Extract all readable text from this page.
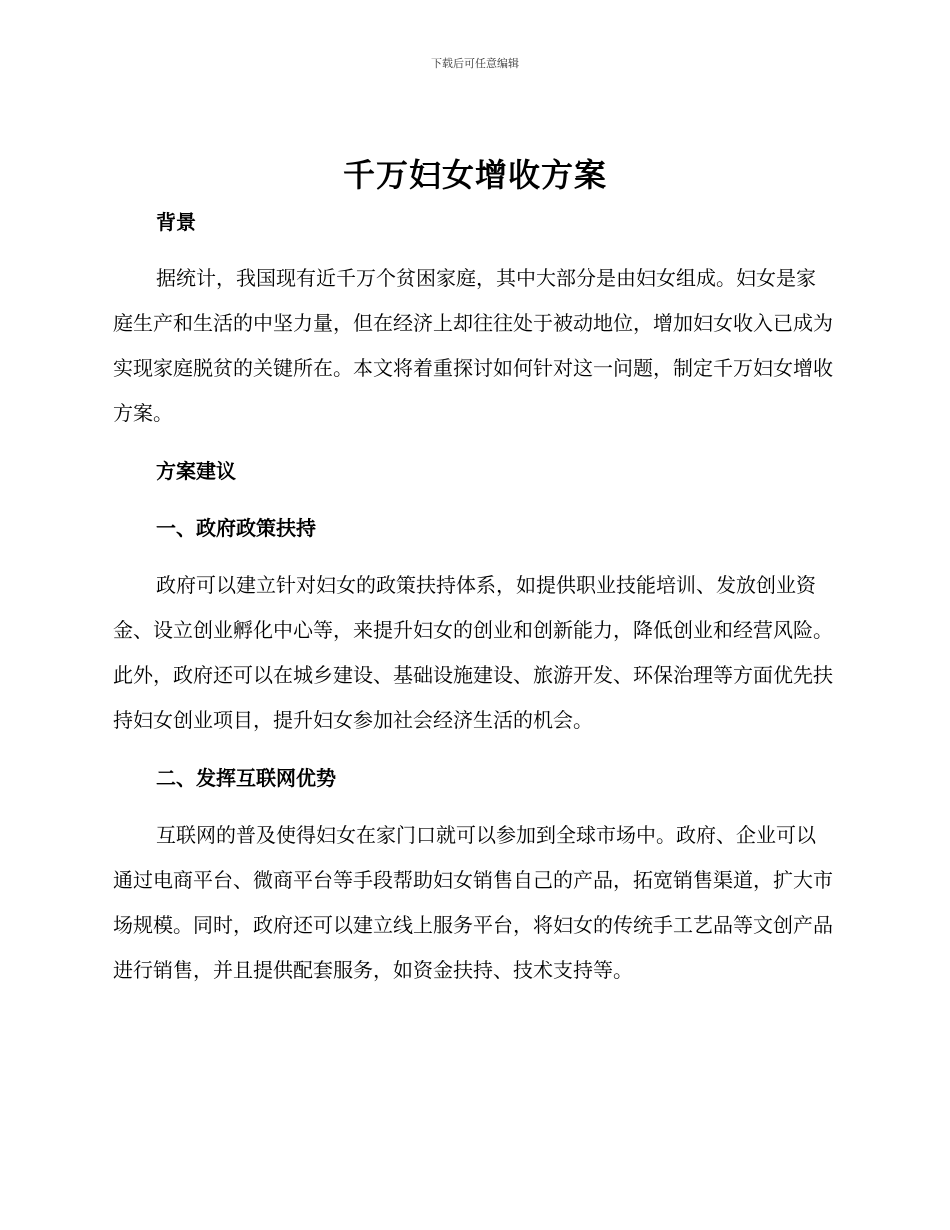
下载后可任意编辑
千万妇女增收方案
背景
据统计，我国现有近千万个贫困家庭，其中大部分是由妇女组成。妇女是家庭生产和生活的中坚力量，但在经济上却往往处于被动地位，增加妇女收入已成为实现家庭脱贫的关键所在。本文将着重探讨如何针对这一问题，制定千万妇女增收方案。
方案建议
一、政府政策扶持
政府可以建立针对妇女的政策扶持体系，如提供职业技能培训、发放创业资金、设立创业孵化中心等，来提升妇女的创业和创新能力，降低创业和经营风险。此外，政府还可以在城乡建设、基础设施建设、旅游开发、环保治理等方面优先扶持妇女创业项目，提升妇女参加社会经济生活的机会。
二、发挥互联网优势
互联网的普及使得妇女在家门口就可以参加到全球市场中。政府、企业可以通过电商平台、微商平台等手段帮助妇女销售自己的产品，拓宽销售渠道，扩大市场规模。同时，政府还可以建立线上服务平台，将妇女的传统手工艺品等文创产品进行销售，并且提供配套服务，如资金扶持、技术支持等。
